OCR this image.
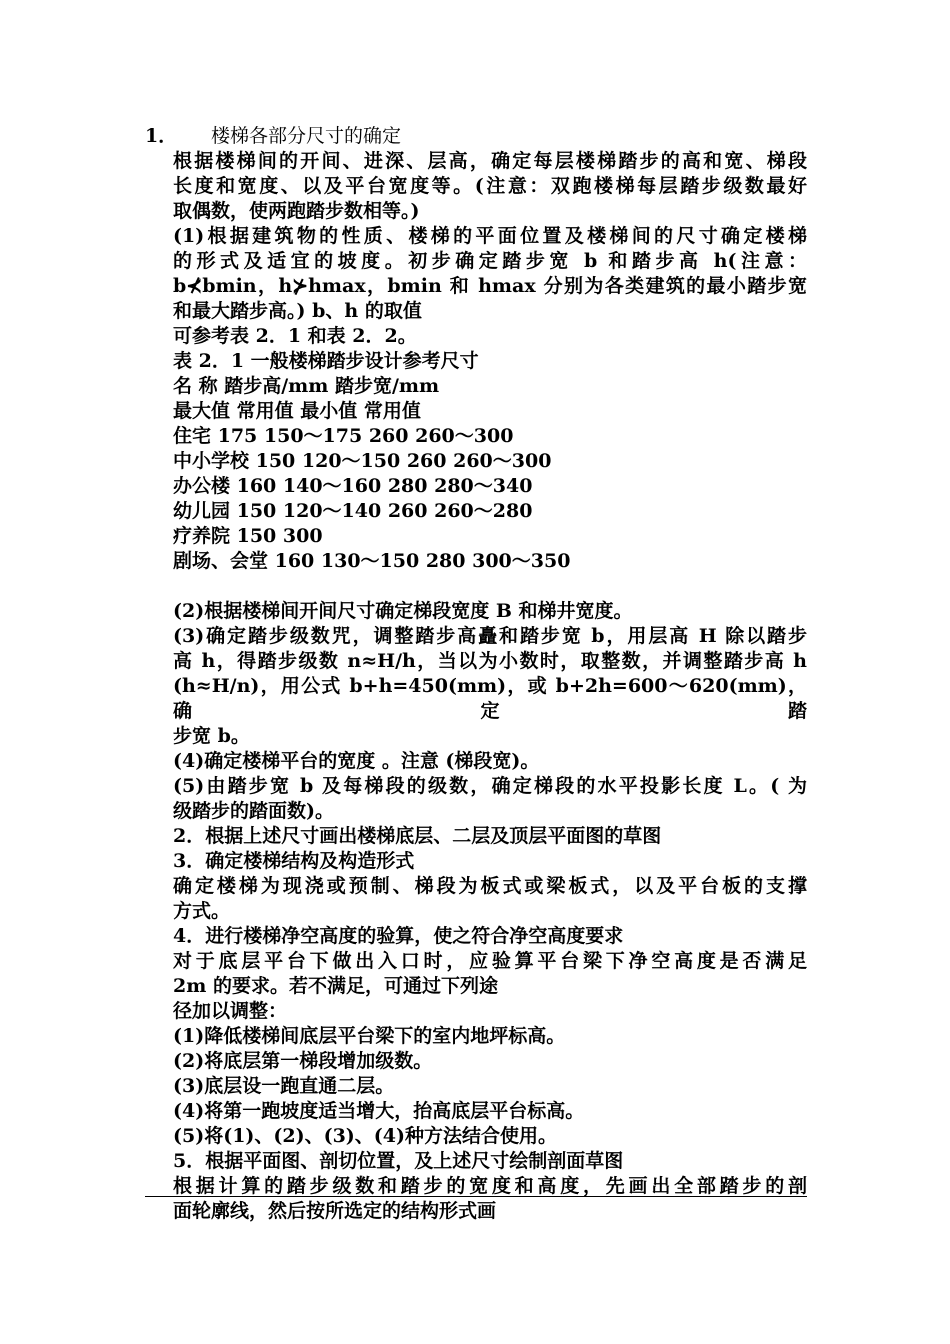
1． 楼梯各部分尺寸的确定
根据楼梯间的开间、进深、层高，确定每层楼梯踏步的高和宽、梯段
长度和宽度、以及平台宽度等。(注意：双跑楼梯每层踏步级数最好
取偶数，使两跑踏步数相等。)
(1)根据建筑物的性质、楼梯的平面位置及楼梯间的尺寸确定楼梯
的形式及适宜的坡度。初步确定踏步宽 b 和踏步高 h(注意：
b⊀bmin，h⊁hmax，bmin 和 hmax 分别为各类建筑的最小踏步宽
和最大踏步高。) b、h 的取值
可参考表 2．1 和表 2．2。
表 2．1 一般楼梯踏步设计参考尺寸
名 称 踏步高/mm 踏步宽/mm
最大值 常用值 最小值 常用值
住宅 175 150～175 260 260～300
中小学校 150 120～150 260 260～300
办公楼 160 140～160 280 280～340
幼儿园 150 120～140 260 260～280
疗养院 150 300
剧场、会堂 160 130～150 280 300～350
(2)根据楼梯间开间尺寸确定梯段宽度 B 和梯井宽度。
(3)确定踏步级数咒，调整踏步高矗和踏步宽 b，用层高 H 除以踏步
高 h，得踏步级数 n≈H/h，当以为小数时，取整数，并调整踏步高 h
(h≈H/n)，用公式 b+h=450(mm)，或 b+2h=600～620(mm)，确定踏
步宽 b。
(4)确定楼梯平台的宽度 。注意 (梯段宽)。
(5)由踏步宽 b 及每梯段的级数，确定梯段的水平投影长度 L。( 为
级踏步的踏面数)。
2．根据上述尺寸画出楼梯底层、二层及顶层平面图的草图
3．确定楼梯结构及构造形式
确定楼梯为现浇或预制、梯段为板式或梁板式，以及平台板的支撑
方式。
4．进行楼梯净空高度的验算，使之符合净空高度要求
对于底层平台下做出入口时，应验算平台梁下净空高度是否满足
2m 的要求。若不满足，可通过下列途
径加以调整：
(1)降低楼梯间底层平台梁下的室内地坪标高。
(2)将底层第一梯段增加级数。
(3)底层设一跑直通二层。
(4)将第一跑坡度适当增大，抬高底层平台标高。
(5)将(1)、(2)、(3)、(4)种方法结合使用。
5．根据平面图、剖切位置，及上述尺寸绘制剖面草图
根据计算的踏步级数和踏步的宽度和高度，先画出全部踏步的剖
面轮廓线，然后按所选定的结构形式画
